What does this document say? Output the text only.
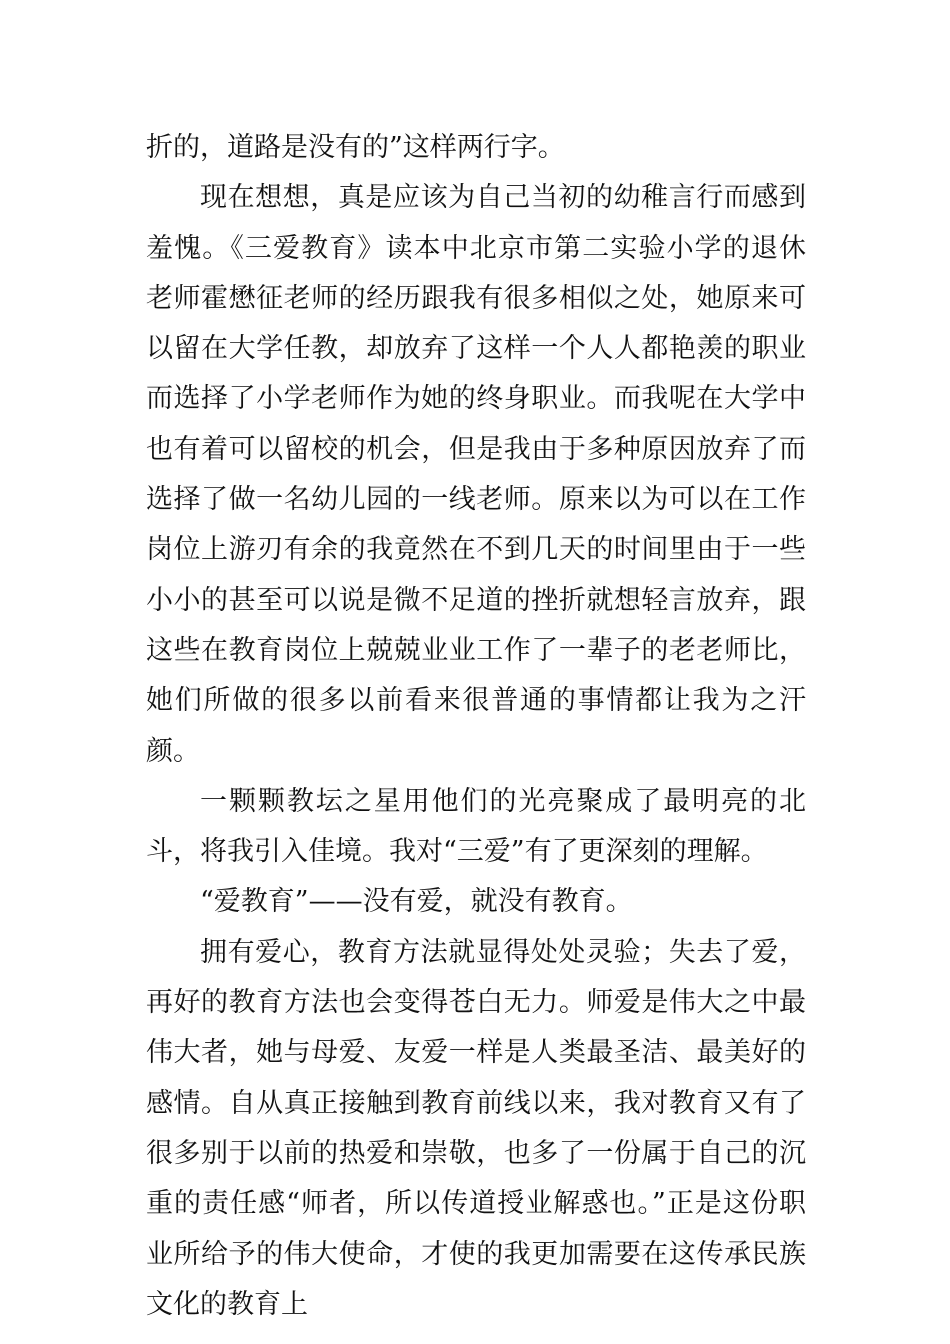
折的，道路是没有的”这样两行字。

现在想想，真是应该为自己当初的幼稚言行而感到羞愧。《三爱教育》读本中北京市第二实验小学的退休老师霍懋征老师的经历跟我有很多相似之处，她原来可以留在大学任教，却放弃了这样一个人人都艳羡的职业而选择了小学老师作为她的终身职业。而我呢在大学中也有着可以留校的机会，但是我由于多种原因放弃了而选择了做一名幼儿园的一线老师。原来以为可以在工作岗位上游刃有余的我竟然在不到几天的时间里由于一些小小的甚至可以说是微不足道的挫折就想轻言放弃，跟这些在教育岗位上兢兢业业工作了一辈子的老老师比，她们所做的很多以前看来很普通的事情都让我为之汗颜。

一颗颗教坛之星用他们的光亮聚成了最明亮的北斗，将我引入佳境。我对“三爱”有了更深刻的理解。

“爱教育”——没有爱，就没有教育。

拥有爱心，教育方法就显得处处灵验；失去了爱，再好的教育方法也会变得苍白无力。师爱是伟大之中最伟大者，她与母爱、友爱一样是人类最圣洁、最美好的感情。自从真正接触到教育前线以来，我对教育又有了很多别于以前的热爱和崇敬，也多了一份属于自己的沉重的责任感“师者，所以传道授业解惑也。”正是这份职业所给予的伟大使命，才使的我更加需要在这传承民族文化的教育上
